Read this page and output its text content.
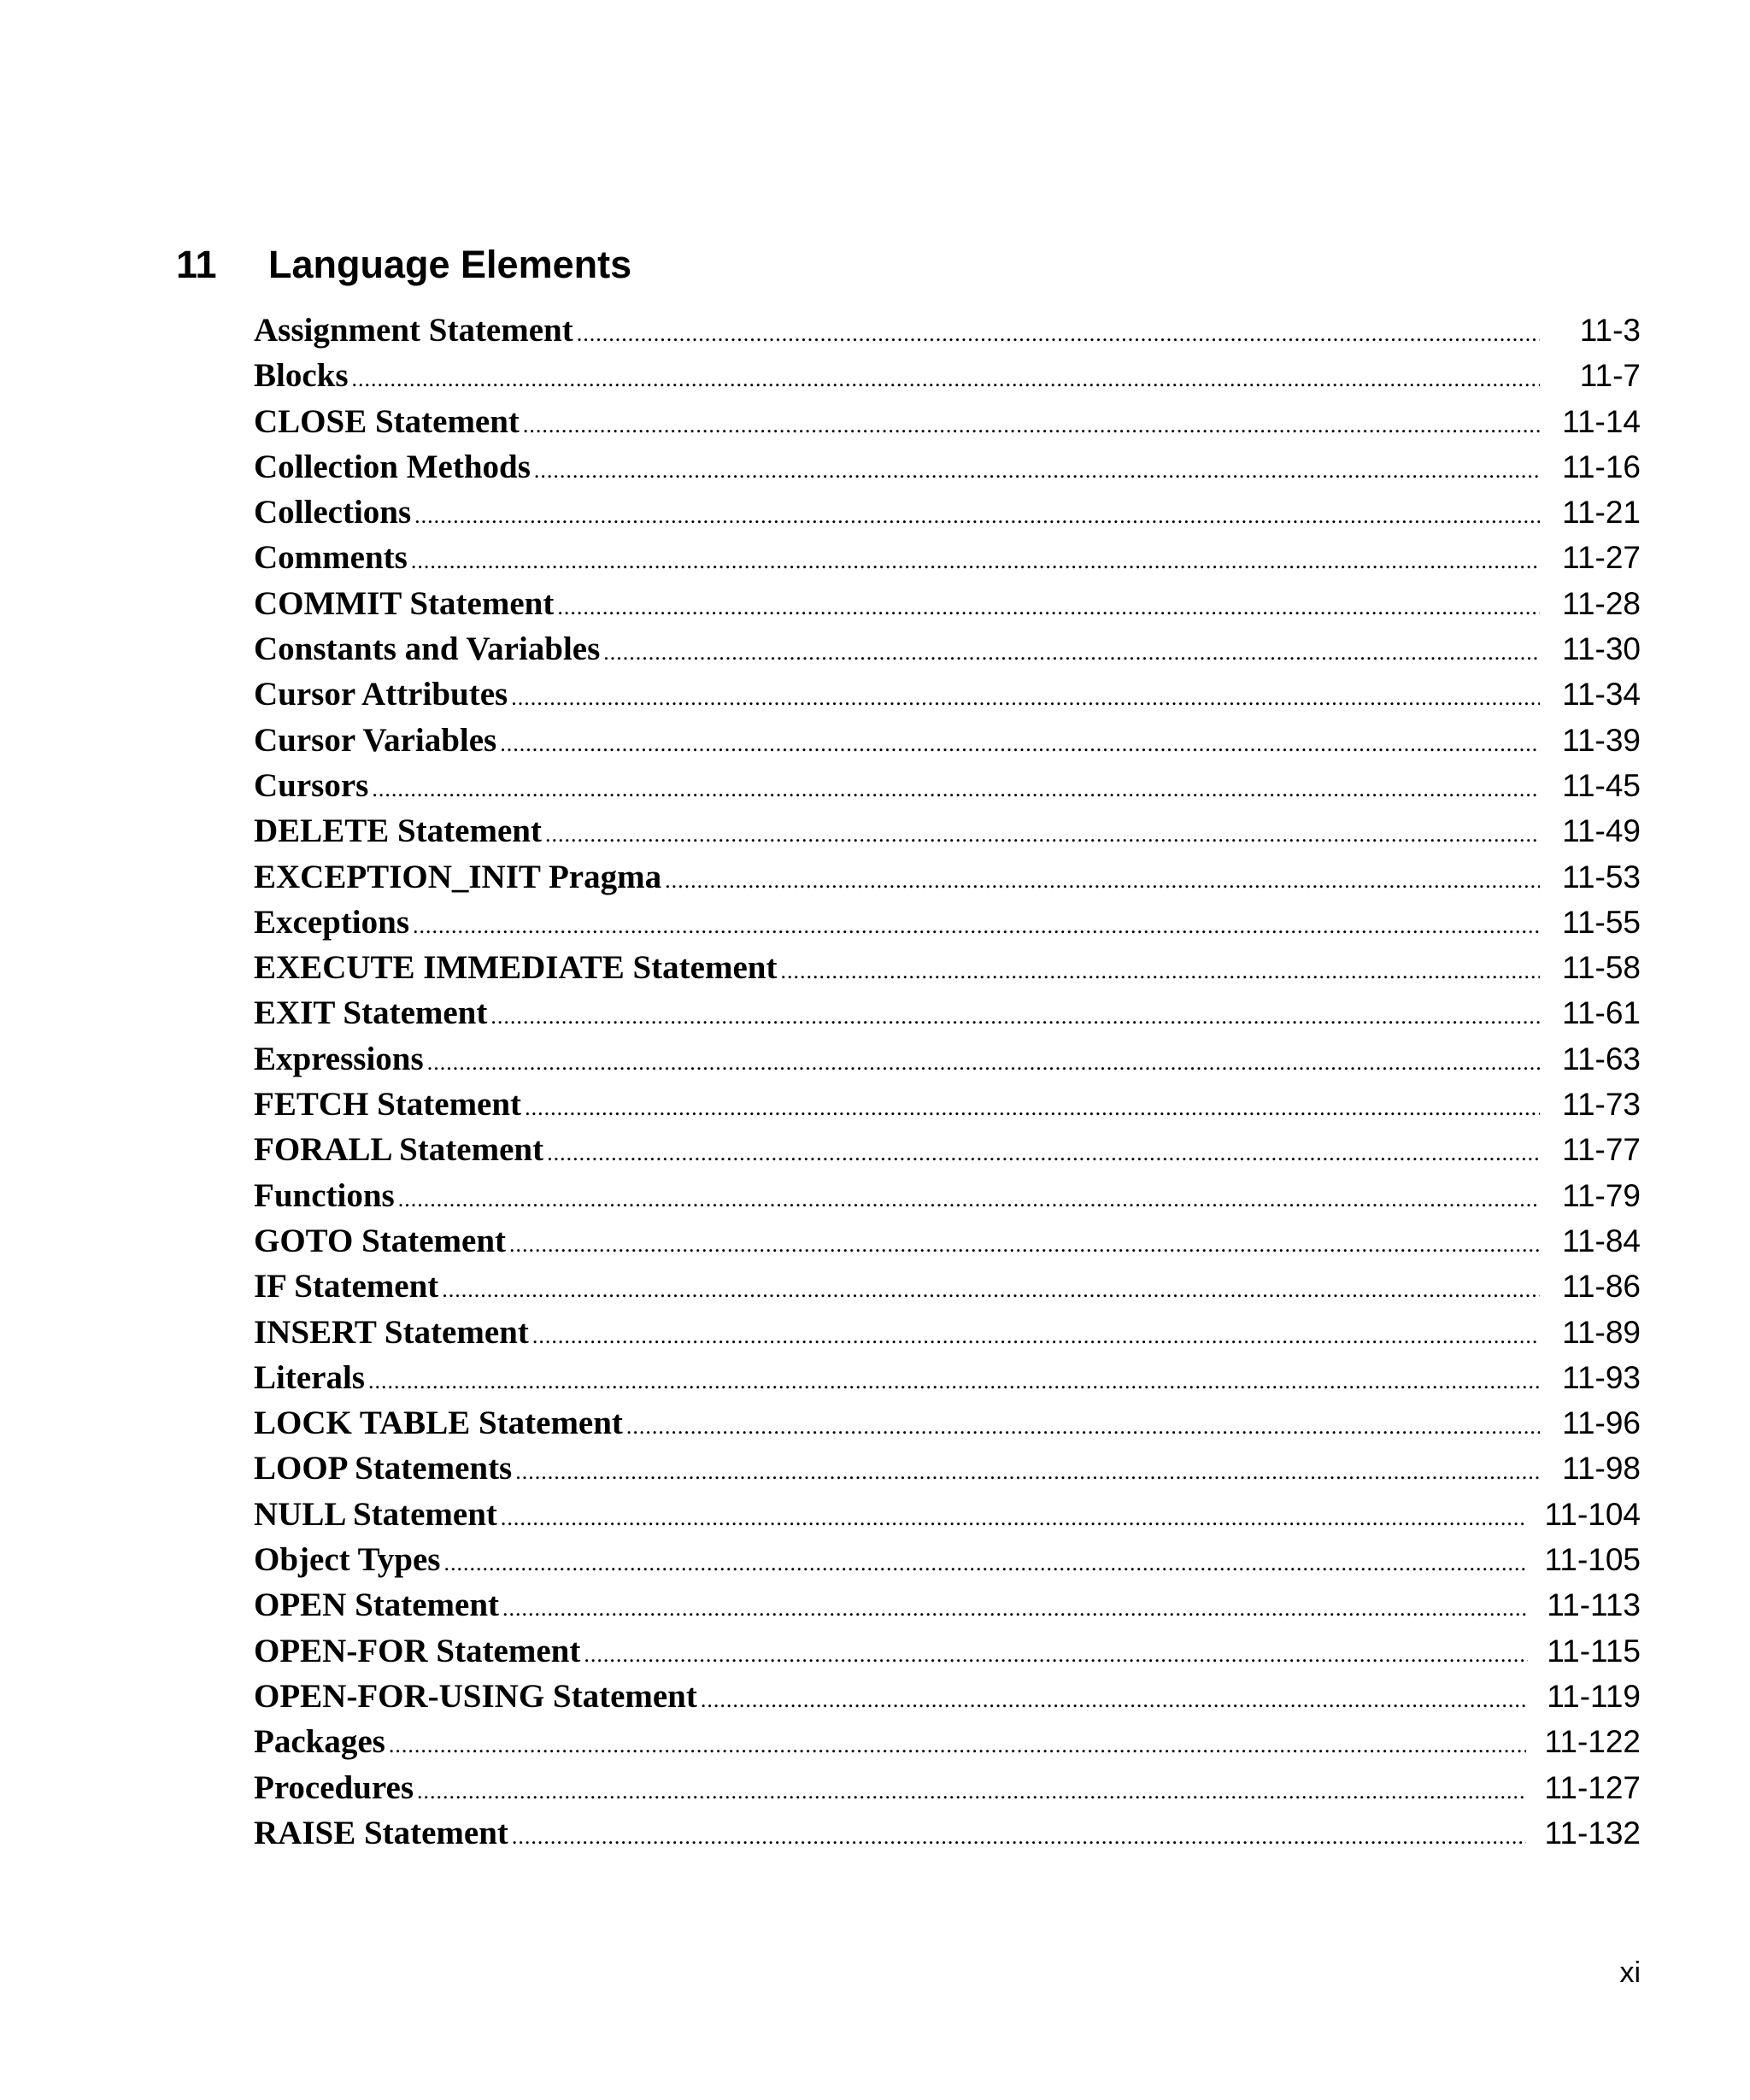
11 Language Elements
Assignment Statement .....	11-3
Blocks .....	11-7
CLOSE Statement .....	11-14
Collection Methods .....	11-16
Collections .....	11-21
Comments .....	11-27
COMMIT Statement .....	11-28
Constants and Variables .....	11-30
Cursor Attributes .....	11-34
Cursor Variables .....	11-39
Cursors .....	11-45
DELETE Statement .....	11-49
EXCEPTION_INIT Pragma .....	11-53
Exceptions .....	11-55
EXECUTE IMMEDIATE Statement .....	11-58
EXIT Statement .....	11-61
Expressions .....	11-63
FETCH Statement .....	11-73
FORALL Statement .....	11-77
Functions .....	11-79
GOTO Statement .....	11-84
IF Statement .....	11-86
INSERT Statement .....	11-89
Literals .....	11-93
LOCK TABLE Statement .....	11-96
LOOP Statements .....	11-98
NULL Statement .....	11-104
Object Types .....	11-105
OPEN Statement .....	11-113
OPEN-FOR Statement .....	11-115
OPEN-FOR-USING Statement .....	11-119
Packages .....	11-122
Procedures .....	11-127
RAISE Statement .....	11-132
xi
